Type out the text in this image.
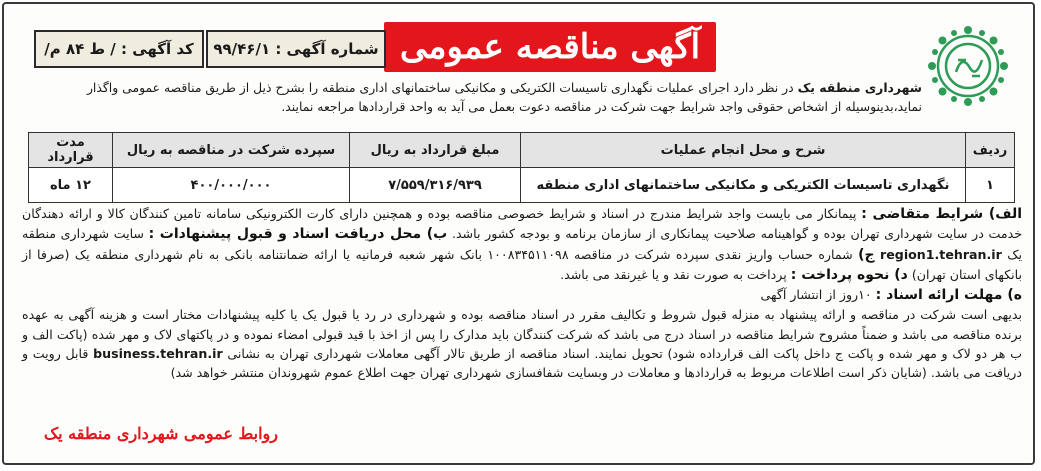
آگهی مناقصه عمومی
شماره آگهی : ۹۹/۴۶/۱
کد آگهی : / ط ۸۴ م/
شهرداری منطقه یک در نظر دارد اجرای عملیات نگهداری تاسیسات الکتریکی و مکانیکی ساختمانهای اداری منطقه را بشرح ذیل از طریق مناقصه عمومی واگذار نماید،بدینوسیله از اشخاص حقوقی واجد شرایط جهت شرکت در مناقصه دعوت بعمل می آید به واحد قراردادها مراجعه نمایند.
ردیف	شرح و محل انجام عملیات	مبلغ قرارداد به ریال	سپرده شرکت در مناقصه به ریال	مدت قرارداد
۱	نگهداری تاسیسات الکتریکی و مکانیکی ساختمانهای اداری منطقه	۷/۵۵۹/۳۱۶/۹۳۹	۴۰۰/۰۰۰/۰۰۰	۱۲ ماه

الف) شرایط متقاضی : پیمانکار می بایست واجد شرایط مندرج در اسناد و شرایط خصوصی مناقصه بوده و همچنین دارای کارت الکترونیکی سامانه تامین کنندگان کالا و ارائه دهندگان خدمت در سایت شهرداری تهران بوده و گواهینامه صلاحیت پیمانکاری از سازمان برنامه و بودجه کشور باشد. ب) محل دریافت اسناد و قبول پیشنهادات : سایت شهرداری منطقه یک region1.tehran.ir ج) شماره حساب واریز نقدی سپرده شرکت در مناقصه ۱۰۰۸۳۴۵۱۱۰۹۸ بانک شهر شعبه فرمانیه یا ارائه ضمانتنامه بانکی به نام شهرداری منطقه یک (صرفا از بانکهای استان تهران) د) نحوه پرداخت : پرداخت به صورت نقد و یا غیرنقد می باشد.

ه) مهلت ارائه اسناد : ۱۰روز از انتشار آگهی

بدیهی است شرکت در مناقصه و ارائه پیشنهاد به منزله قبول شروط و تکالیف مقرر در اسناد مناقصه بوده و شهرداری در رد یا قبول یک یا کلیه پیشنهادات مختار است و هزینه آگهی به عهده برنده مناقصه می باشد و ضمناً مشروح شرایط مناقصه در اسناد درج می باشد که شرکت کنندگان باید مدارک را پس از اخذ با قید قبولی امضاء نموده و در پاکتهای لاک و مهر شده (پاکت الف و ب هر دو لاک و مهر شده و پاکت ج داخل پاکت الف قرارداده شود) تحویل نمایند. اسناد مناقصه از طریق تالار آگهی معاملات شهرداری تهران به نشانی business.tehran.ir قابل رویت و دریافت می باشد. (شایان ذکر است اطلاعات مربوط به قراردادها و معاملات در وبسایت شفافسازی شهرداری تهران جهت اطلاع عموم شهروندان منتشر خواهد شد)

روابط عمومی شهرداری منطقه یک
